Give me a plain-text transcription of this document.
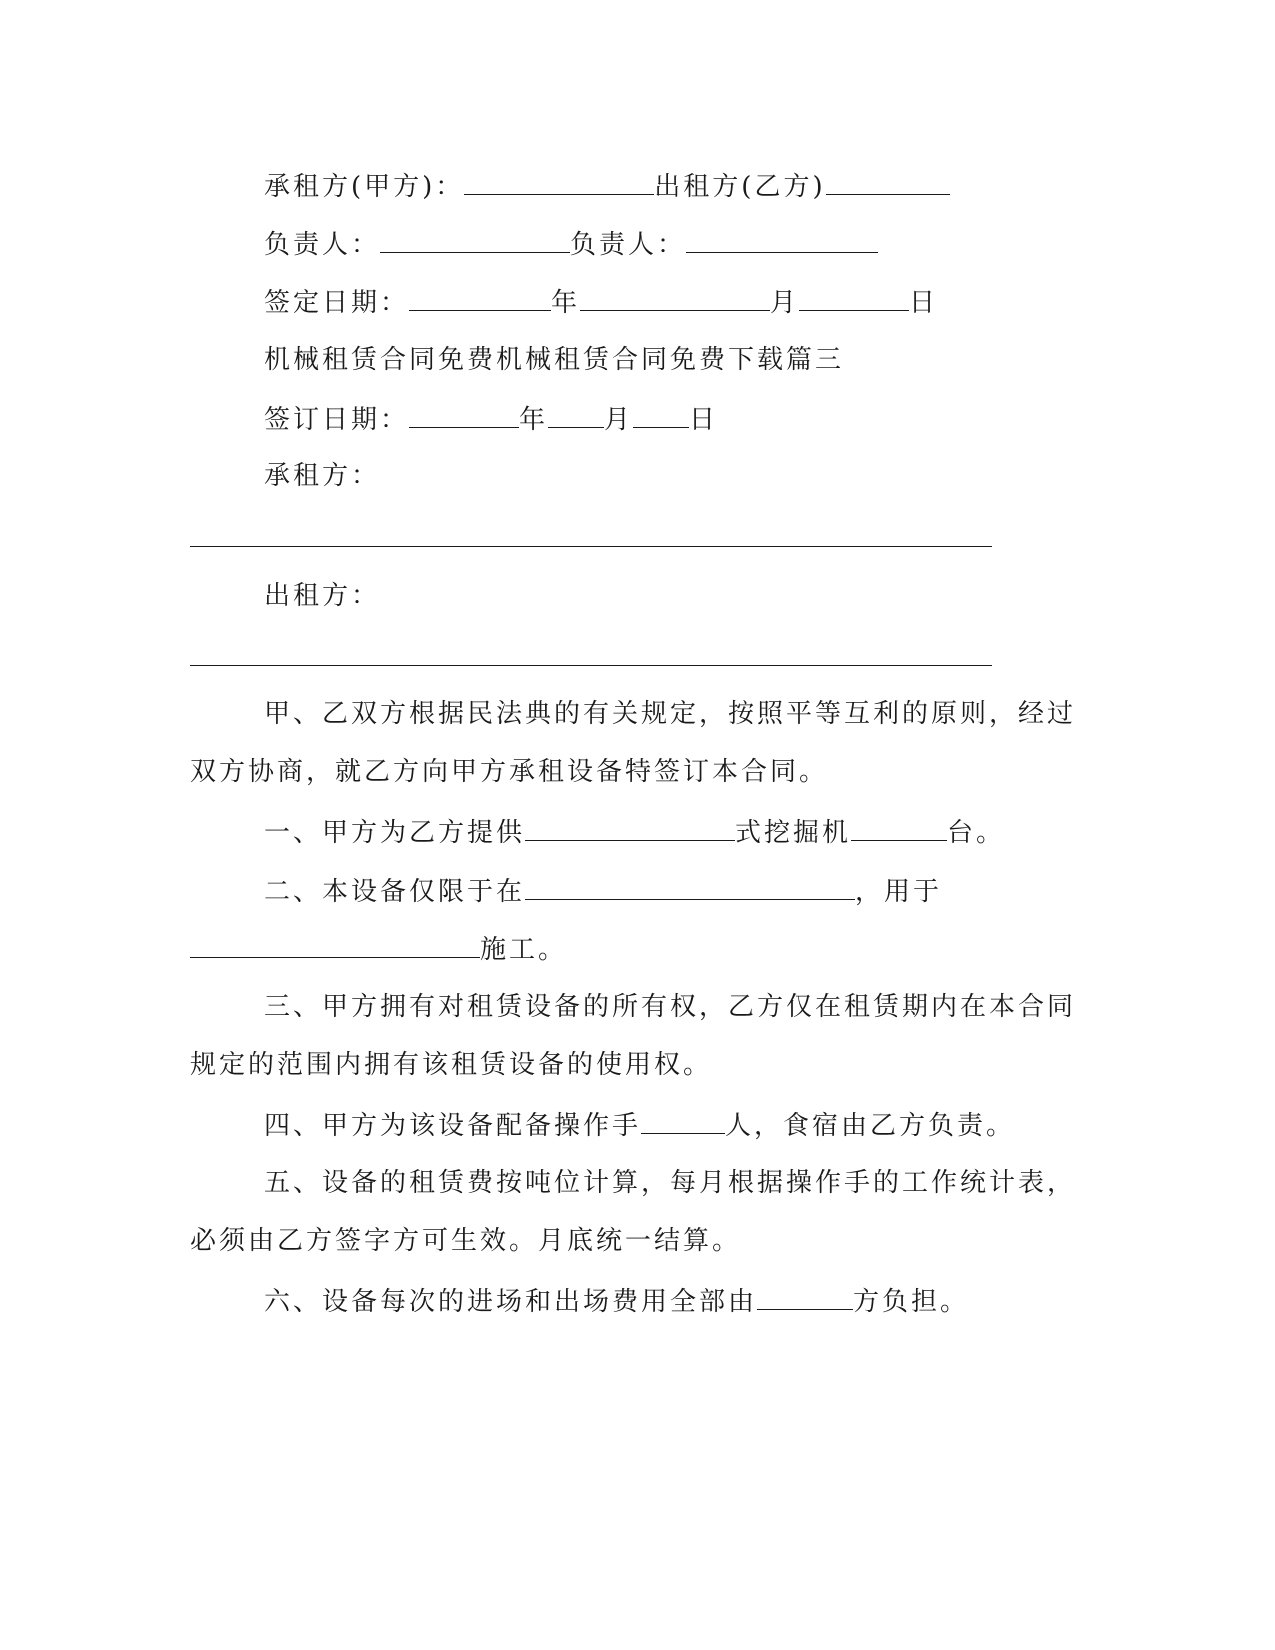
承租方(甲方)：	出租方(乙方)
负责人：	负责人：
签定日期：	年	月	日
机械租赁合同免费机械租赁合同免费下载篇三
签订日期：	年 月 日
承租方：
出租方：
甲、乙双方根据民法典的有关规定，按照平等互利的原则，经过
双方协商，就乙方向甲方承租设备特签订本合同。
一、甲方为乙方提供	式挖掘机	台。
二、本设备仅限于在	，用于
施工。
三、甲方拥有对租赁设备的所有权，乙方仅在租赁期内在本合同
规定的范围内拥有该租赁设备的使用权。
四、甲方为该设备配备操作手	人，食宿由乙方负责。
五、设备的租赁费按吨位计算，每月根据操作手的工作统计表，
必须由乙方签字方可生效。月底统一结算。
六、设备每次的进场和出场费用全部由	方负担。
